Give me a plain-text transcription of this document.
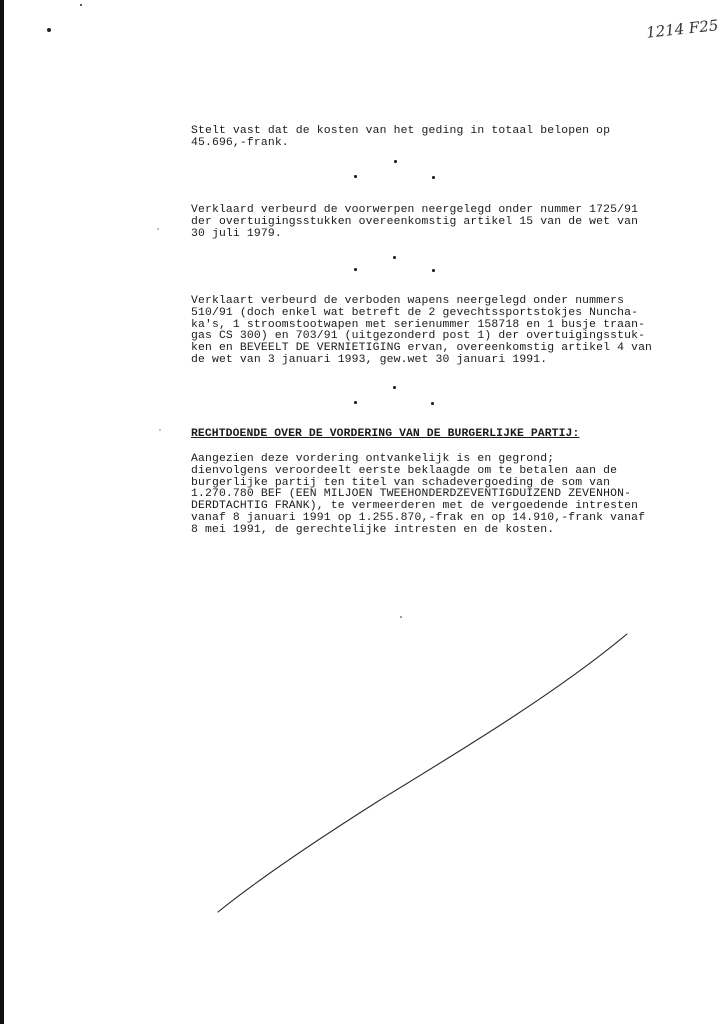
1214 F25
Stelt vast dat de kosten van het geding in totaal belopen op
45.696,-frank.
Verklaard verbeurd de voorwerpen neergelegd onder nummer 1725/91
der overtuigingsstukken overeenkomstig artikel 15 van de wet van
30 juli 1979.
Verklaart verbeurd de verboden wapens neergelegd onder nummers
510/91 (doch enkel wat betreft de 2 gevechtssportstokjes Nuncha-
ka's, 1 stroomstootwapen met serienummer 158718 en 1 busje traan-
gas CS 300) en 703/91 (uitgezonderd post 1) der overtuigingsstuk-
ken en BEVEELT DE VERNIETIGING ervan, overeenkomstig artikel 4 van
de wet van 3 januari 1993, gew.wet 30 januari 1991.
RECHTDOENDE OVER DE VORDERING VAN DE BURGERLIJKE PARTIJ:
Aangezien deze vordering ontvankelijk is en gegrond;
dienvolgens veroordeelt eerste beklaagde om te betalen aan de
burgerlijke partij ten titel van schadevergoeding de som van
1.270.780 BEF (EEN MILJOEN TWEEHONDERDZEVENTIGDUIZEND ZEVENHON-
DERDTACHTIG FRANK), te vermeerderen met de vergoedende intresten
vanaf 8 januari 1991 op 1.255.870,-frak en op 14.910,-frank vanaf
8 mei 1991, de gerechtelijke intresten en de kosten.
